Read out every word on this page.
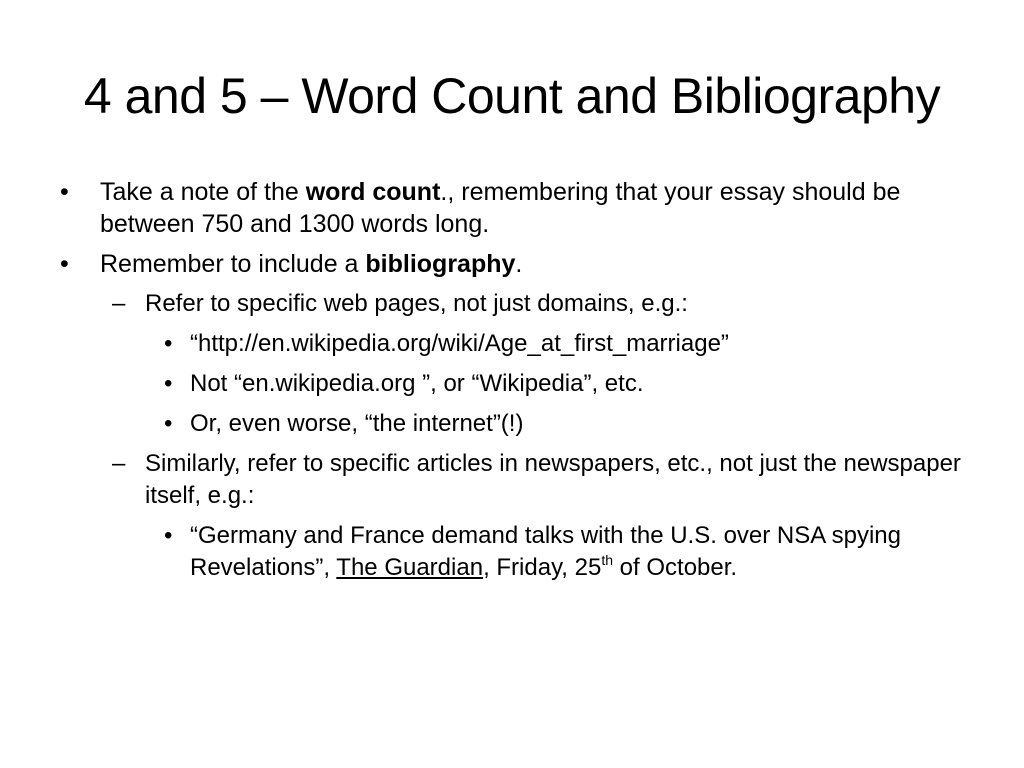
4 and 5 – Word Count and Bibliography
• Take a note of the word count., remembering that your essay should be between 750 and 1300 words long.
• Remember to include a bibliography.
– Refer to specific web pages, not just domains, e.g.:
• “http://en.wikipedia.org/wiki/Age_at_first_marriage”
• Not “en.wikipedia.org ”, or “Wikipedia”, etc.
• Or, even worse, “the internet”(!)
– Similarly, refer to specific articles in newspapers, etc., not just the newspaper itself, e.g.:
• “Germany and France demand talks with the U.S. over NSA spying Revelations”, The Guardian, Friday, 25th of October.
